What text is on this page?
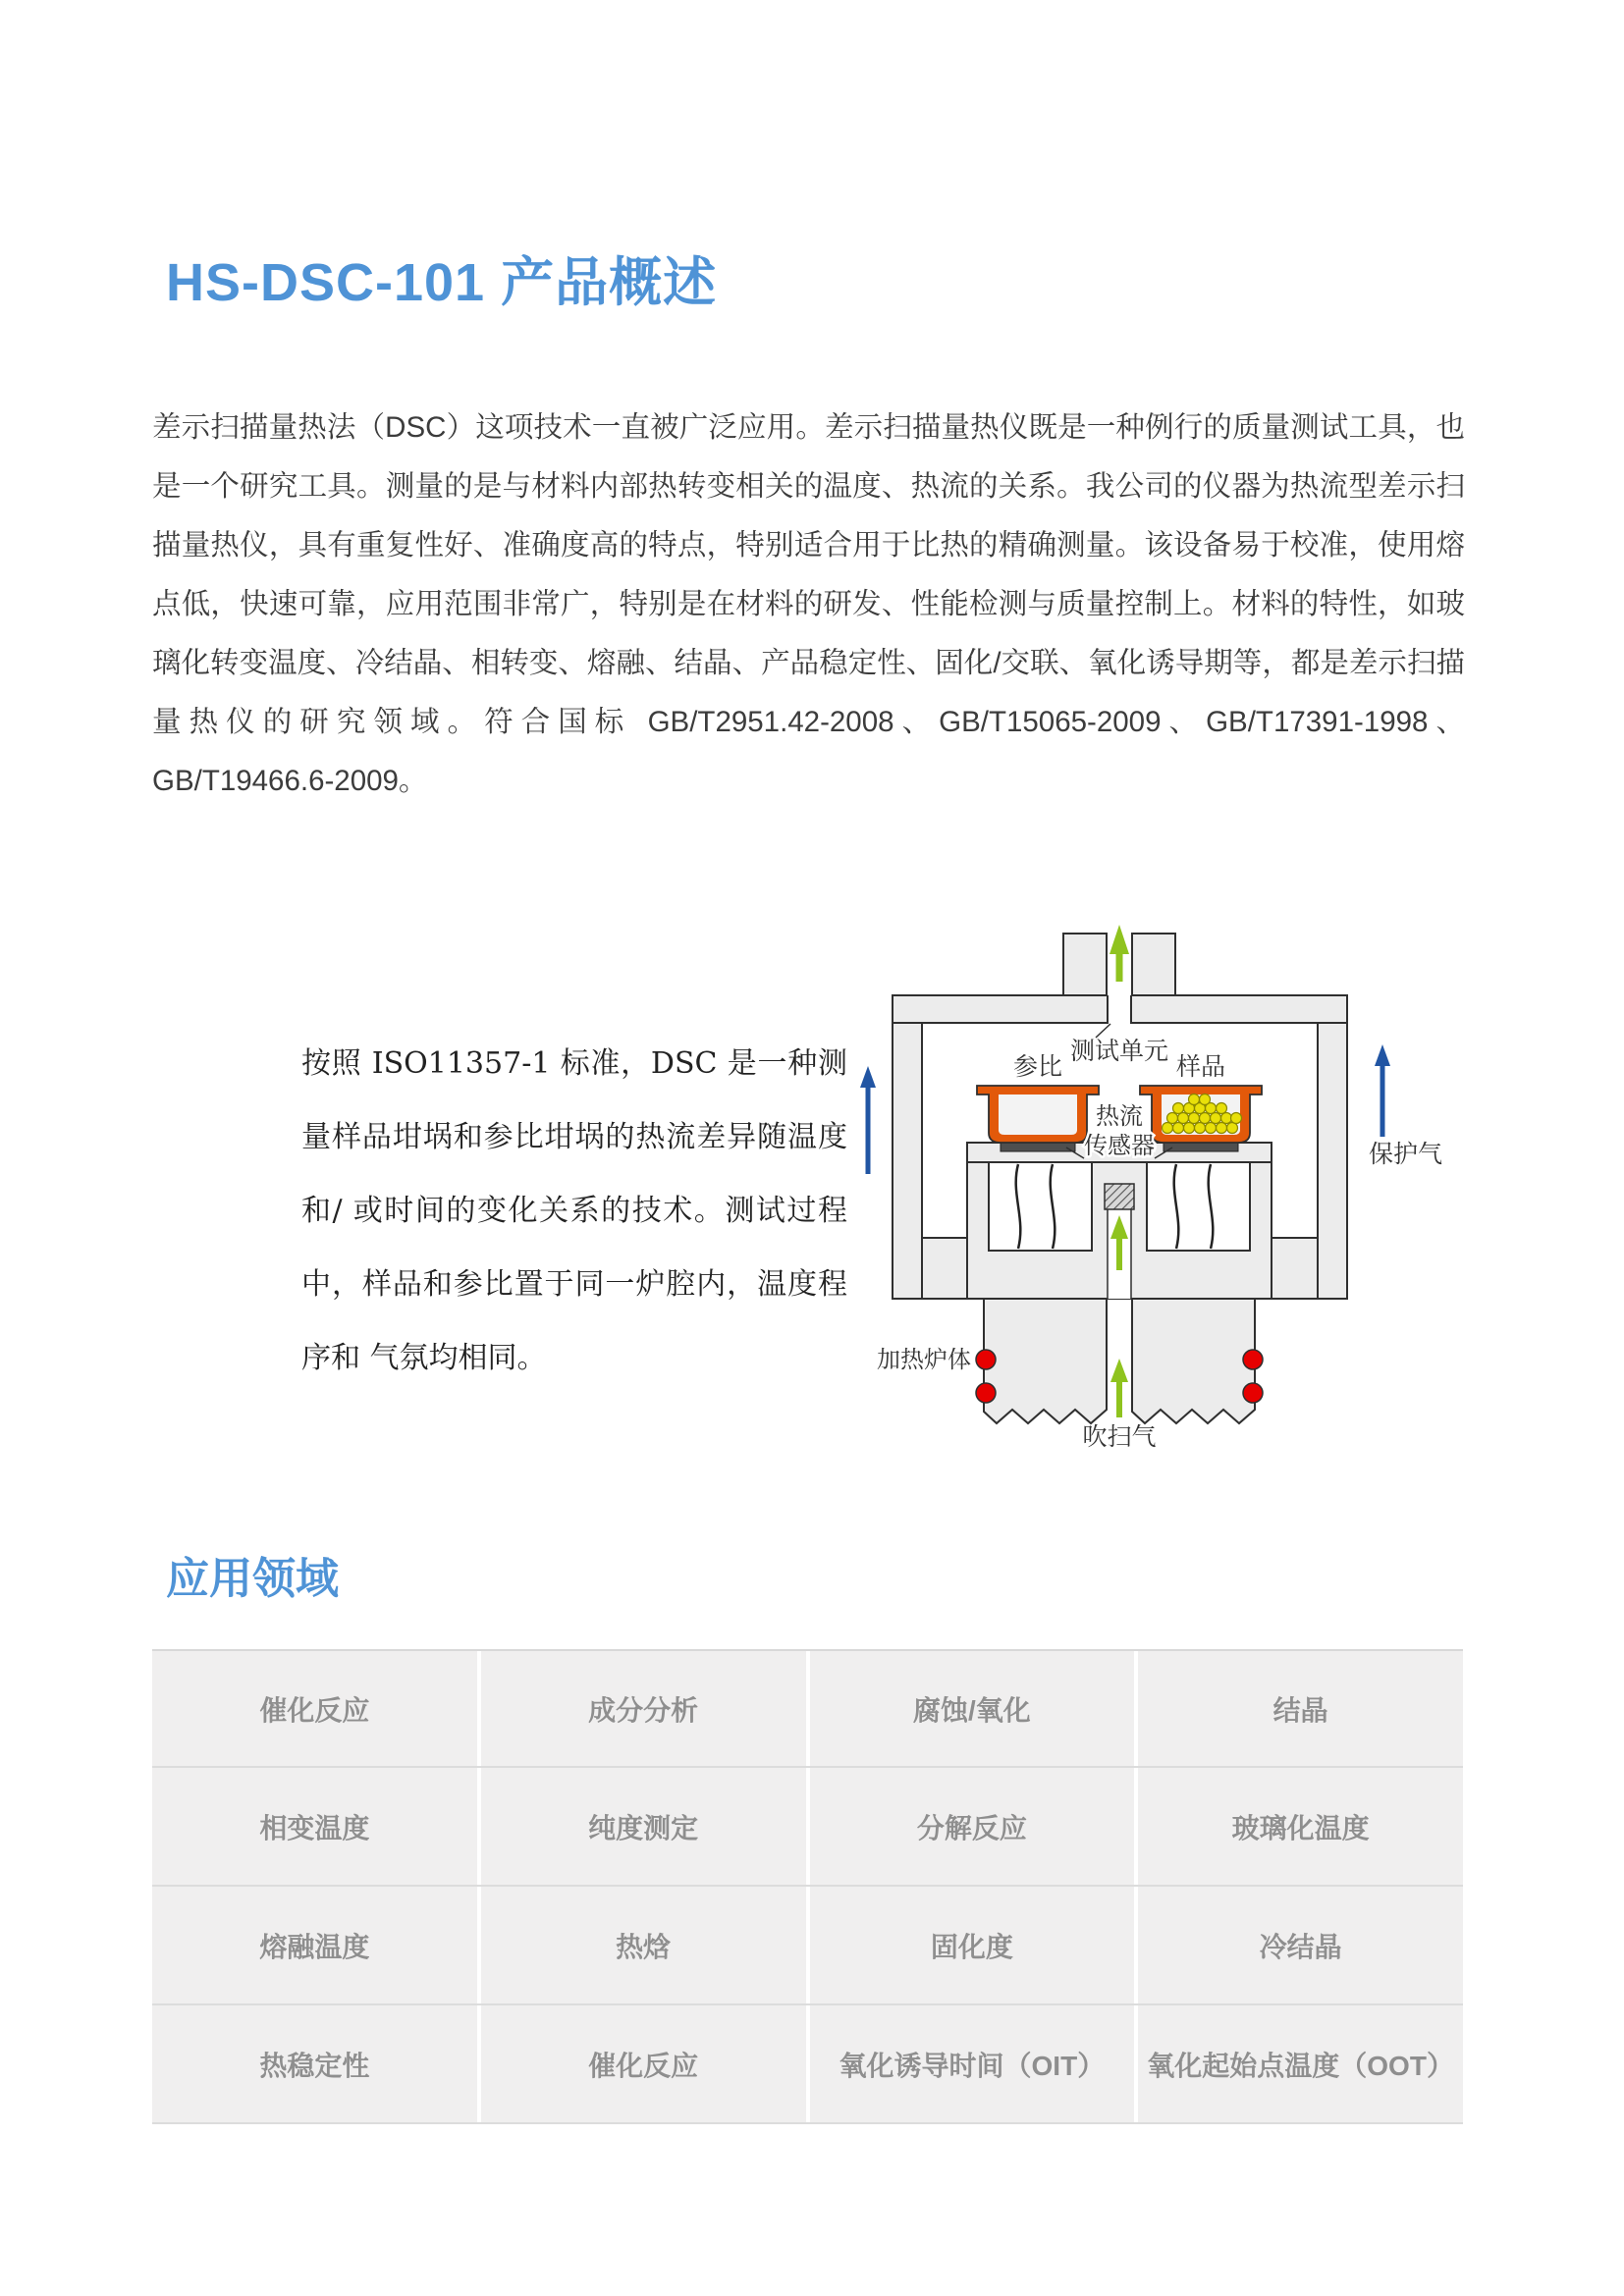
HS-DSC-101 产品概述

差示扫描量热法（DSC）这项技术一直被广泛应用。差示扫描量热仪既是一种例行的质量测试工具，也是一个研究工具。测量的是与材料内部热转变相关的温度、热流的关系。我公司的仪器为热流型差示扫描量热仪，具有重复性好、准确度高的特点，特别适合用于比热的精确测量。该设备易于校准，使用熔点低，快速可靠，应用范围非常广，特别是在材料的研发、性能检测与质量控制上。材料的特性，如玻璃化转变温度、冷结晶、相转变、熔融、结晶、产品稳定性、固化/交联、氧化诱导期等，都是差示扫描量热仪的研究领域。符合国标 GB/T2951.42-2008、GB/T15065-2009、GB/T17391-1998、GB/T19466.6-2009。

按照 ISO11357-1 标准，DSC 是一种测量样品坩埚和参比坩埚的热流差异随温度和/ 或时间的变化关系的技术。测试过程中，样品和参比置于同一炉腔内，温度程序和 气氛均相同。
测试单元
参比	样品
热流
传感器	保护气
加热炉体
吹扫气
应用领域
催化反应	成分分析	腐蚀/氧化	结晶
相变温度	纯度测定	分解反应	玻璃化温度
熔融温度	热焓	固化度	冷结晶
热稳定性	催化反应	氧化诱导时间（OIT）	氧化起始点温度（OOT）
